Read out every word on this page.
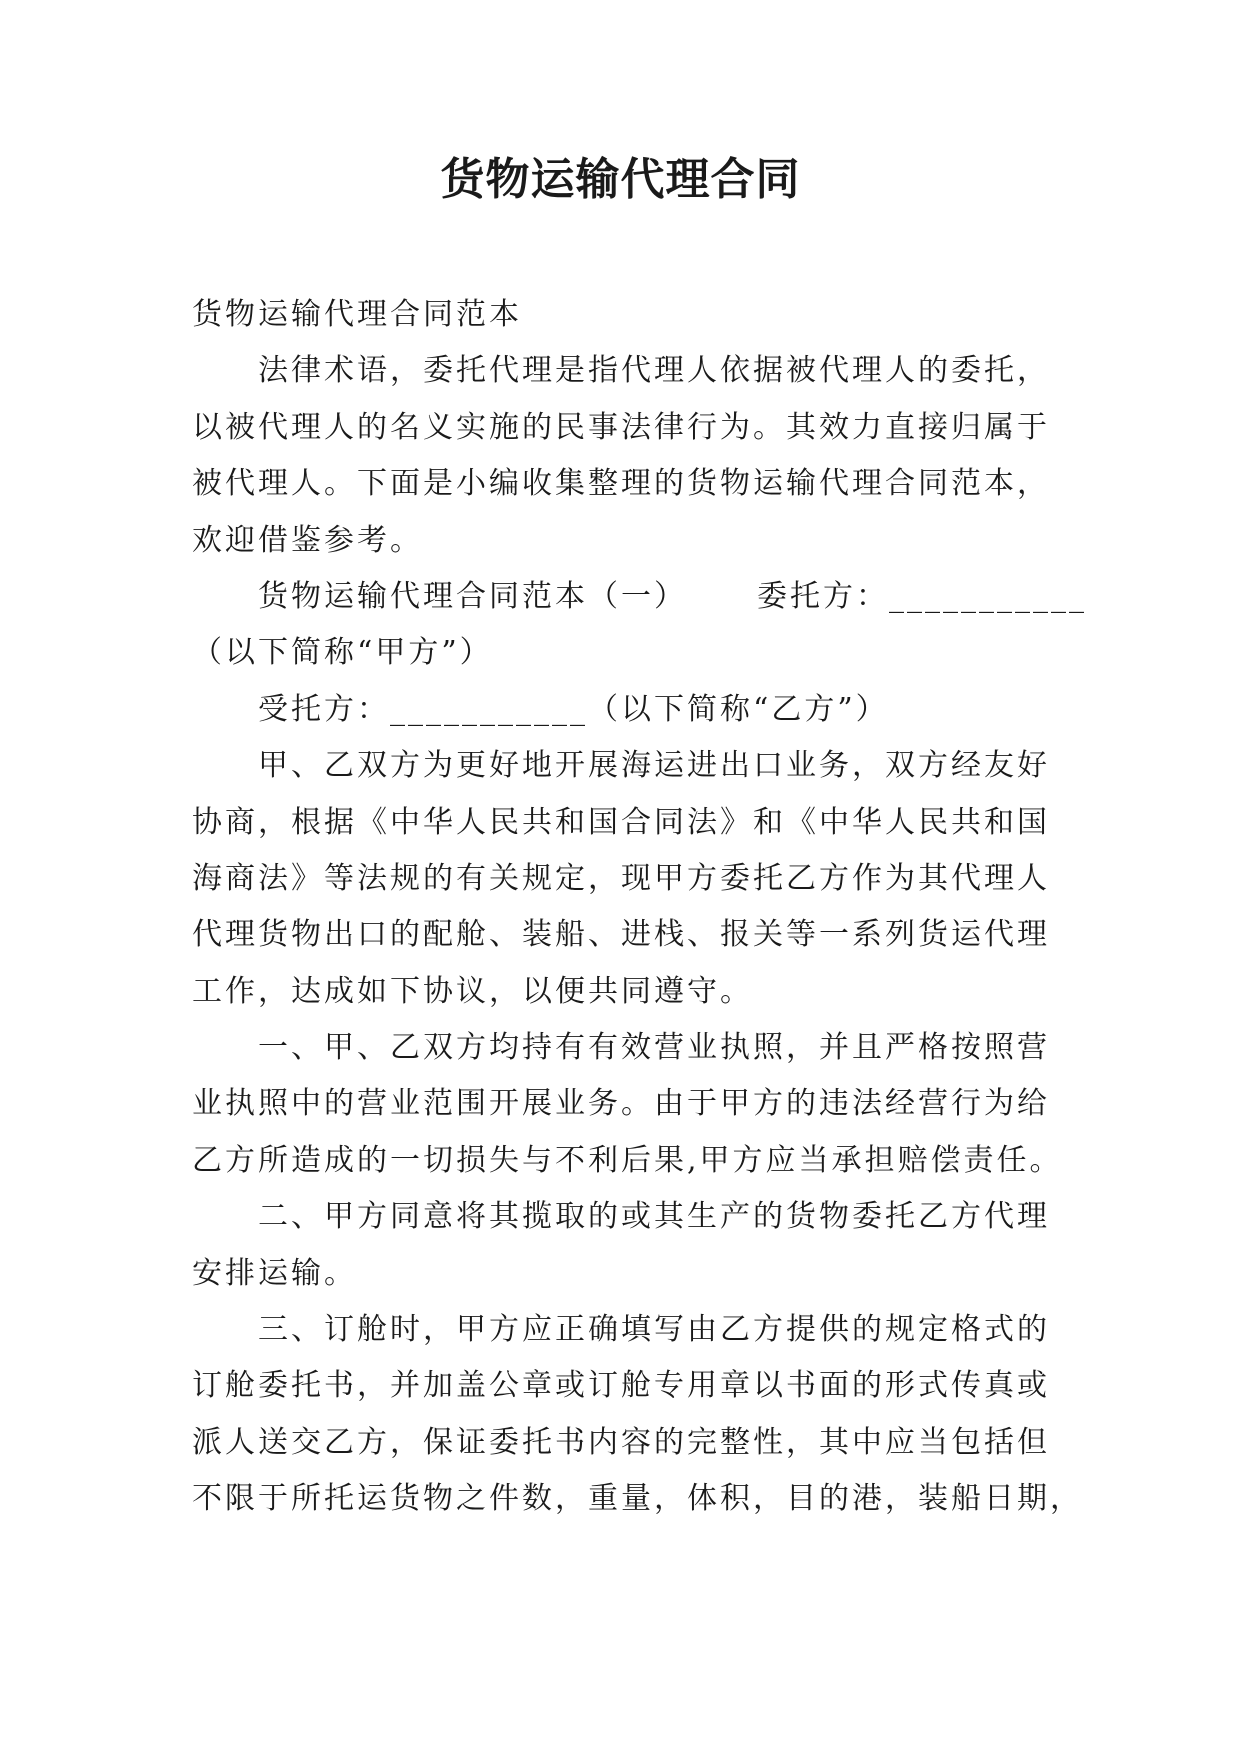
货物运输代理合同
货物运输代理合同范本
法律术语，委托代理是指代理人依据被代理人的委托，
以被代理人的名义实施的民事法律行为。其效力直接归属于
被代理人。下面是小编收集整理的货物运输代理合同范本，
欢迎借鉴参考。
货物运输代理合同范本（一） 委托方：___________
（以下简称“甲方”）
受托方：___________（以下简称“乙方”）
甲、乙双方为更好地开展海运进出口业务，双方经友好
协商，根据《中华人民共和国合同法》和《中华人民共和国
海商法》等法规的有关规定，现甲方委托乙方作为其代理人
代理货物出口的配舱、装船、进栈、报关等一系列货运代理
工作，达成如下协议，以便共同遵守。
一、甲、乙双方均持有有效营业执照，并且严格按照营
业执照中的营业范围开展业务。由于甲方的违法经营行为给
乙方所造成的一切损失与不利后果,甲方应当承担赔偿责任。
二、甲方同意将其揽取的或其生产的货物委托乙方代理
安排运输。
三、订舱时，甲方应正确填写由乙方提供的规定格式的
订舱委托书，并加盖公章或订舱专用章以书面的形式传真或
派人送交乙方，保证委托书内容的完整性，其中应当包括但
不限于所托运货物之件数，重量，体积，目的港，装船日期，
